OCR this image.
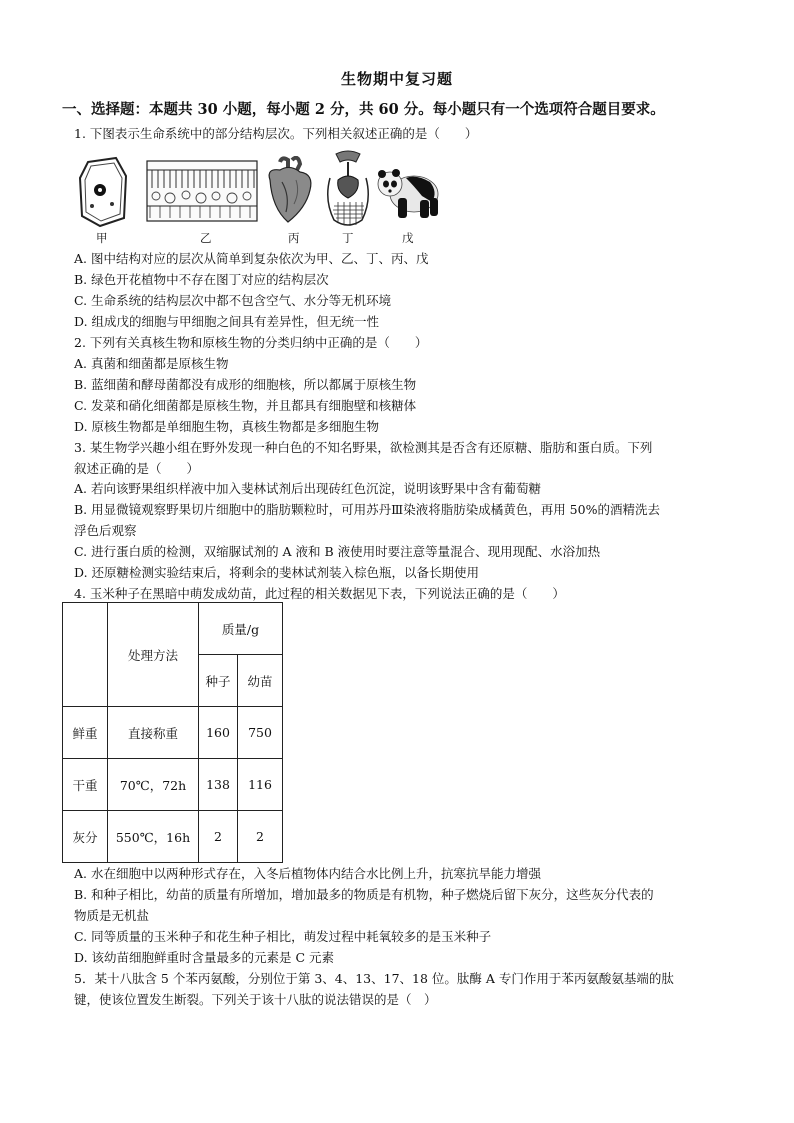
生物期中复习题
一、选择题：本题共 30 小题，每小题 2 分，共 60 分。每小题只有一个选项符合题目要求。
1. 下图表示生命系统中的部分结构层次。下列相关叙述正确的是（　　）
甲	乙	丙	丁	戊
A. 图中结构对应的层次从简单到复杂依次为甲、乙、丁、丙、戊
B. 绿色开花植物中不存在图丁对应的结构层次
C. 生命系统的结构层次中都不包含空气、水分等无机环境
D. 组成戊的细胞与甲细胞之间具有差异性，但无统一性
2. 下列有关真核生物和原核生物的分类归纳中正确的是（　　）
A. 真菌和细菌都是原核生物
B. 蓝细菌和酵母菌都没有成形的细胞核，所以都属于原核生物
C. 发菜和硝化细菌都是原核生物，并且都具有细胞壁和核糖体
D. 原核生物都是单细胞生物，真核生物都是多细胞生物
3. 某生物学兴趣小组在野外发现一种白色的不知名野果，欲检测其是否含有还原糖、脂肪和蛋白质。下列
叙述正确的是（　　）
A. 若向该野果组织样液中加入斐林试剂后出现砖红色沉淀，说明该野果中含有葡萄糖
B. 用显微镜观察野果切片细胞中的脂肪颗粒时，可用苏丹Ⅲ染液将脂肪染成橘黄色，再用 50%的酒精洗去
浮色后观察
C. 进行蛋白质的检测，双缩脲试剂的 A 液和 B 液使用时要注意等量混合、现用现配、水浴加热
D. 还原糖检测实验结束后，将剩余的斐林试剂装入棕色瓶，以备长期使用
4. 玉米种子在黑暗中萌发成幼苗，此过程的相关数据见下表，下列说法正确的是（　　）
	处理方法	质量/g	
		种子	幼苗
鲜重	直接称重	160	750
干重	70℃，72h	138	116
灰分	550℃，16h	2	2
A. 水在细胞中以两种形式存在，入冬后植物体内结合水比例上升，抗寒抗旱能力增强
B. 和种子相比，幼苗的质量有所增加，增加最多的物质是有机物，种子燃烧后留下灰分，这些灰分代表的
物质是无机盐
C. 同等质量的玉米种子和花生种子相比，萌发过程中耗氧较多的是玉米种子
D. 该幼苗细胞鲜重时含量最多的元素是 C 元素
5．某十八肽含 5 个苯丙氨酸，分别位于第 3、4、13、17、18 位。肽酶 A 专门作用于苯丙氨酸氨基端的肽
键，使该位置发生断裂。下列关于该十八肽的说法错误的是（　）
